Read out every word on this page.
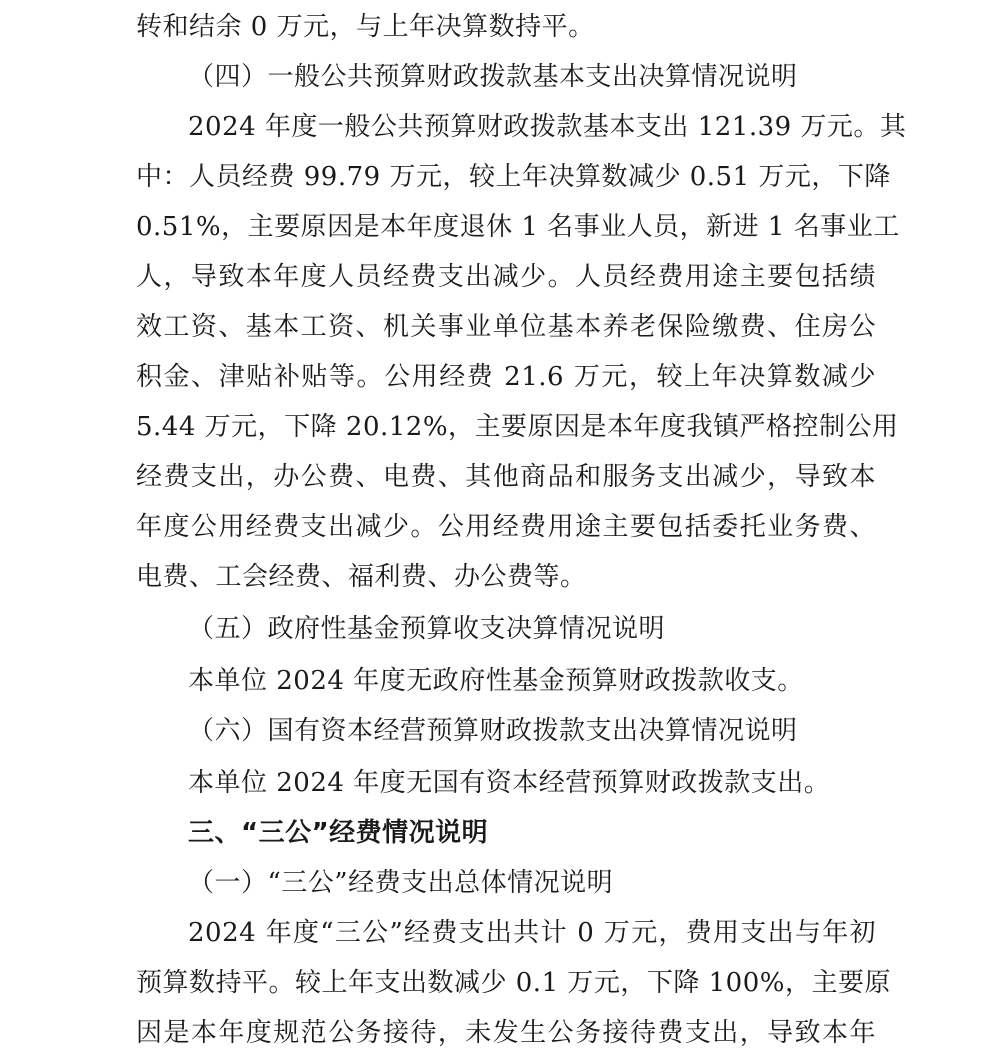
转和结余 0 万元，与上年决算数持平。
（四）一般公共预算财政拨款基本支出决算情况说明
2024 年度一般公共预算财政拨款基本支出 121.39 万元。其
中：人员经费 99.79 万元，较上年决算数减少 0.51 万元，下降
0.51%，主要原因是本年度退休 1 名事业人员，新进 1 名事业工
人，导致本年度人员经费支出减少。人员经费用途主要包括绩
效工资、基本工资、机关事业单位基本养老保险缴费、住房公
积金、津贴补贴等。公用经费 21.6 万元，较上年决算数减少
5.44 万元，下降 20.12%，主要原因是本年度我镇严格控制公用
经费支出，办公费、电费、其他商品和服务支出减少，导致本
年度公用经费支出减少。公用经费用途主要包括委托业务费、
电费、工会经费、福利费、办公费等。
（五）政府性基金预算收支决算情况说明
本单位 2024 年度无政府性基金预算财政拨款收支。
（六）国有资本经营预算财政拨款支出决算情况说明
本单位 2024 年度无国有资本经营预算财政拨款支出。
三、“三公”经费情况说明
（一）“三公”经费支出总体情况说明
2024 年度“三公”经费支出共计 0 万元，费用支出与年初
预算数持平。较上年支出数减少 0.1 万元，下降 100%，主要原
因是本年度规范公务接待，未发生公务接待费支出，导致本年
